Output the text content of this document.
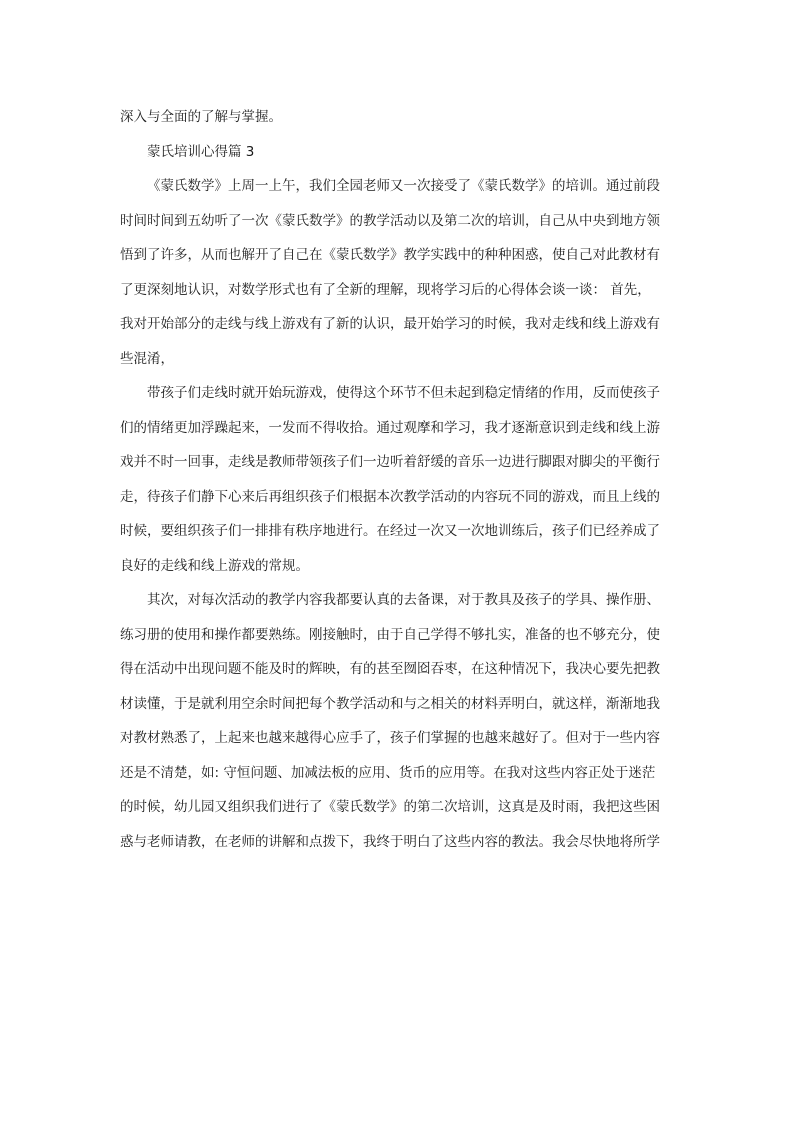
深入与全面的了解与掌握。
蒙氏培训心得篇 3
《蒙氏数学》上周一上午，我们全园老师又一次接受了《蒙氏数学》的培训。通过前段
时间时间到五幼听了一次《蒙氏数学》的教学活动以及第二次的培训，自己从中央到地方领
悟到了许多，从而也解开了自己在《蒙氏数学》教学实践中的种种困惑，使自己对此教材有
了更深刻地认识，对数学形式也有了全新的理解，现将学习后的心得体会谈一谈： 首先，
我对开始部分的走线与线上游戏有了新的认识，最开始学习的时候，我对走线和线上游戏有
些混淆，
带孩子们走线时就开始玩游戏，使得这个环节不但未起到稳定情绪的作用，反而使孩子
们的情绪更加浮躁起来，一发而不得收拾。通过观摩和学习，我才逐渐意识到走线和线上游
戏并不时一回事，走线是教师带领孩子们一边听着舒缓的音乐一边进行脚跟对脚尖的平衡行
走，待孩子们静下心来后再组织孩子们根据本次教学活动的内容玩不同的游戏，而且上线的
时候，要组织孩子们一排排有秩序地进行。在经过一次又一次地训练后，孩子们已经养成了
良好的走线和线上游戏的常规。
其次，对每次活动的教学内容我都要认真的去备课，对于教具及孩子的学具、操作册、
练习册的使用和操作都要熟练。刚接触时，由于自己学得不够扎实，准备的也不够充分，使
得在活动中出现问题不能及时的辉映，有的甚至囫囵吞枣，在这种情况下，我决心要先把教
材读懂，于是就利用空余时间把每个教学活动和与之相关的材料弄明白，就这样，渐渐地我
对教材熟悉了，上起来也越来越得心应手了，孩子们掌握的也越来越好了。但对于一些内容
还是不清楚，如: 守恒问题、加减法板的应用、货币的应用等。在我对这些内容正处于迷茫
的时候，幼儿园又组织我们进行了《蒙氏数学》的第二次培训，这真是及时雨，我把这些困
惑与老师请教，在老师的讲解和点拨下，我终于明白了这些内容的教法。我会尽快地将所学
